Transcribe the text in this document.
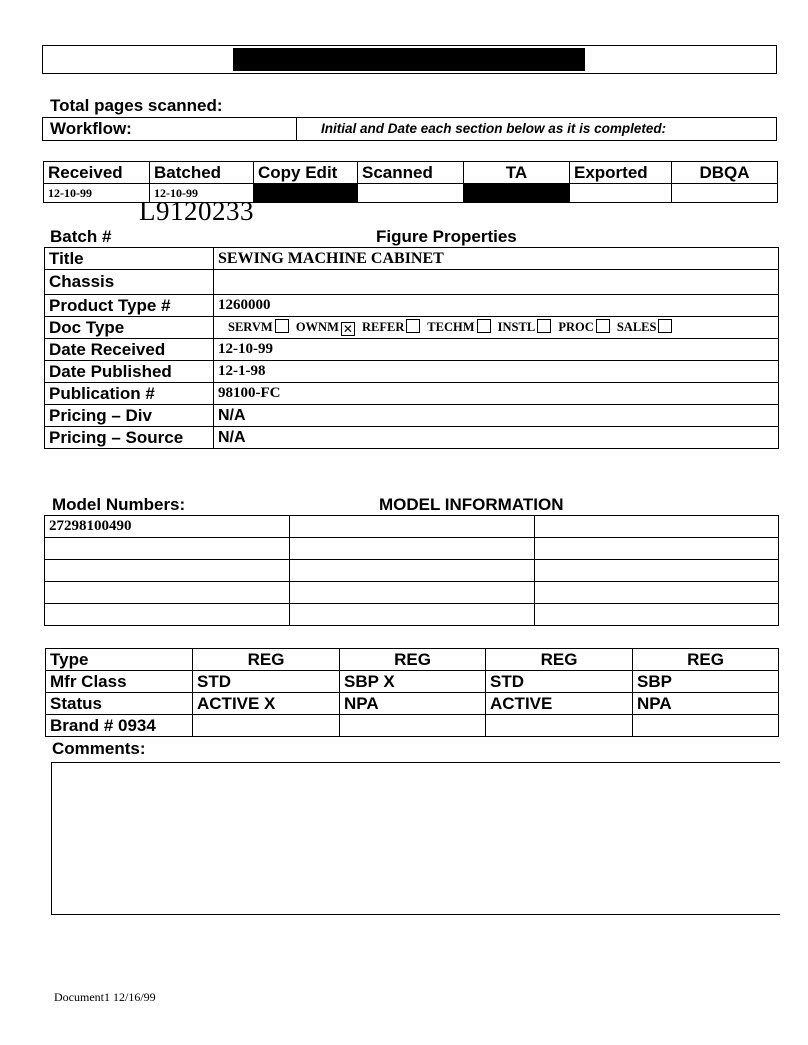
Total pages scanned:
Workflow:	Initial and Date each section below as it is completed:
Received	Batched	Copy Edit	Scanned	TA	Exported	DBQA
12-10-99	12-10-99					
L9120233
Batch #	Figure Properties
Title	SEWING MACHINE CABINET
Chassis	
Product Type #	1260000
Doc Type	SERVM OWNM ✕ REFER TECHM INSTL PROC SALES
Date Received	12-10-99
Date Published	12-1-98
Publication #	98100-FC
Pricing – Div	N/A
Pricing – Source	N/A
Model Numbers:	MODEL INFORMATION
27298100490		

Type	REG	REG	REG	REG
Mfr Class	STD	SBP X	STD	SBP
Status	ACTIVE X	NPA	ACTIVE	NPA
Brand # 0934				
Comments:
Document1 12/16/99
